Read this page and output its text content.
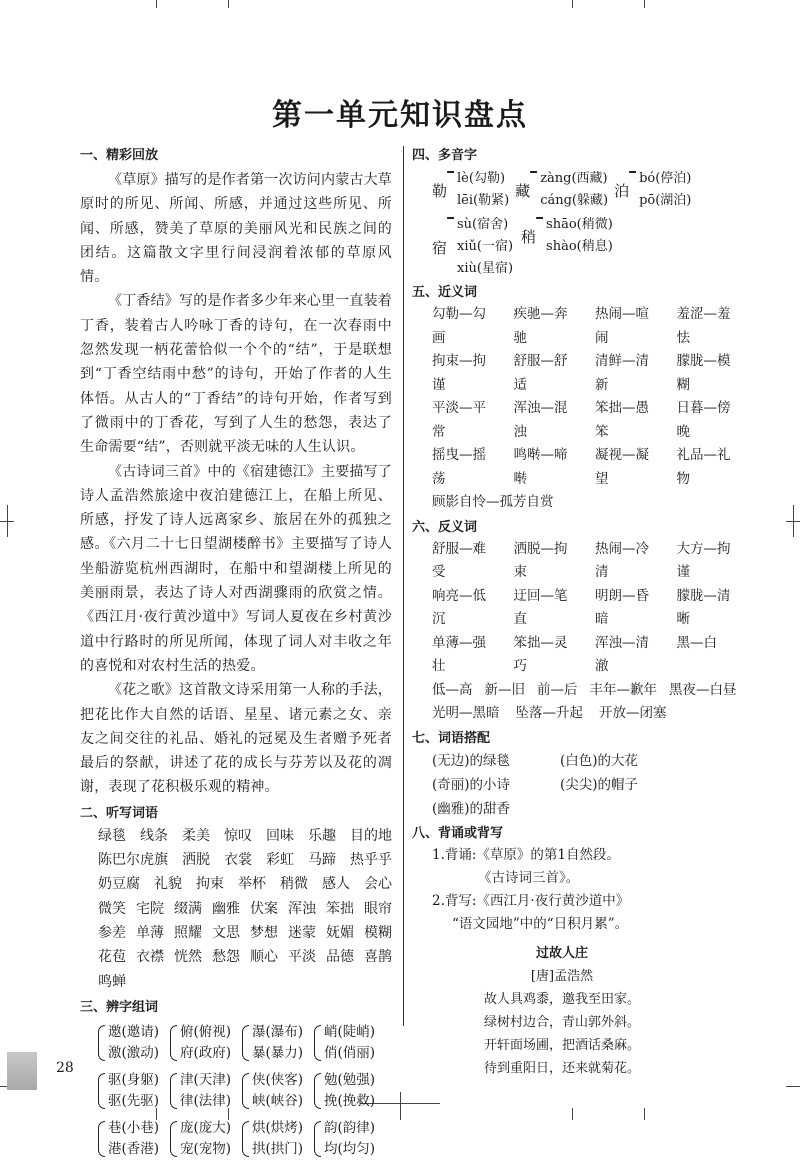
第一单元知识盘点

一、精彩回放

《草原》描写的是作者第一次访问内蒙古大草原时的所见、所闻、所感，并通过这些所见、所闻、所感，赞美了草原的美丽风光和民族之间的团结。这篇散文字里行间浸润着浓郁的草原风情。

《丁香结》写的是作者多少年来心里一直装着丁香，装着古人吟咏丁香的诗句，在一次春雨中忽然发现一柄花蕾恰似一个个的“结”，于是联想到“丁香空结雨中愁”的诗句，开始了作者的人生体悟。从古人的“丁香结”的诗句开始，作者写到了微雨中的丁香花，写到了人生的愁怨，表达了生命需要“结”，否则就平淡无味的人生认识。

《古诗词三首》中的《宿建德江》主要描写了诗人孟浩然旅途中夜泊建德江上，在船上所见、所感，抒发了诗人远离家乡、旅居在外的孤独之感。《六月二十七日望湖楼醉书》主要描写了诗人坐船游览杭州西湖时，在船中和望湖楼上所见的美丽雨景，表达了诗人对西湖骤雨的欣赏之情。《西江月·夜行黄沙道中》写词人夏夜在乡村黄沙道中行路时的所见所闻，体现了词人对丰收之年的喜悦和对农村生活的热爱。

《花之歌》这首散文诗采用第一人称的手法，把花比作大自然的话语、星星、诸元素之女、亲友之间交往的礼品、婚礼的冠冕及生者赠予死者最后的祭献，讲述了花的成长与芬芳以及花的凋谢，表现了花积极乐观的精神。

二、听写词语

绿毯 线条 柔美 惊叹 回味 乐趣 目的地
陈巴尔虎旗 洒脱 衣裳 彩虹 马蹄 热乎乎
奶豆腐 礼貌 拘束 举杯 稍微 感人 会心
微笑 宅院 缀满 幽雅 伏案 浑浊 笨拙 眼帘
参差 单薄 照耀 文思 梦想 迷蒙 妩媚 模糊
花苞 衣襟 恍然 愁怨 顺心 平淡 品德 喜鹊
鸣蝉

三、辨字组词

邀(邀请)
激(激动)
俯(俯视)
府(政府)
瀑(瀑布)
暴(暴力)
峭(陡峭)
俏(俏丽)
驱(身躯)
驱(先驱)
津(天津)
律(法律)
侠(侠客)
峡(峡谷)
勉(勉强)
挽(挽救)
巷(小巷)
港(香港)
庞(庞大)
宠(宠物)
烘(烘烤)
拱(拱门)
韵(韵律)
均(均匀)

四、多音字

勒
lè(勾勒)
lēi(勒紧)
藏
zàng(西藏)
cáng(躲藏)
泊
bó(停泊)
pō(湖泊)
宿
sù(宿舍)
xiǔ(一宿)
xiù(星宿)
稍
shāo(稍微)
shào(稍息)

五、近义词

勾勒—勾画
疾驰—奔驰
热闹—喧闹
羞涩—羞怯
拘束—拘谨
舒服—舒适
清鲜—清新
朦胧—模糊
平淡—平常
浑浊—混浊
笨拙—愚笨
日暮—傍晚
摇曳—摇荡
鸣啭—啼啭
凝视—凝望
礼品—礼物
顾影自怜—孤芳自赏

六、反义词

舒服—难受
洒脱—拘束
热闹—冷清
大方—拘谨
响亮—低沉
迂回—笔直
明朗—昏暗
朦胧—清晰
单薄—强壮
笨拙—灵巧
浑浊—清澈
黑—白
低—高 新—旧 前—后 丰年—歉年 黑夜—白昼
光明—黑暗 坠落—升起 开放—闭塞

七、词语搭配

(无边)的绿毯	(白色)的大花
(奇丽)的小诗	(尖尖)的帽子
(幽雅)的甜香

八、背诵或背写

1.背诵:《草原》的第1自然段。
《古诗词三首》。
2.背写:《西江月·夜行黄沙道中》
“语文园地”中的“日积月累”。
过故人庄
[唐]孟浩然
故人具鸡黍，邀我至田家。
绿树村边合，青山郭外斜。
开轩面场圃，把酒话桑麻。
待到重阳日，还来就菊花。
28
